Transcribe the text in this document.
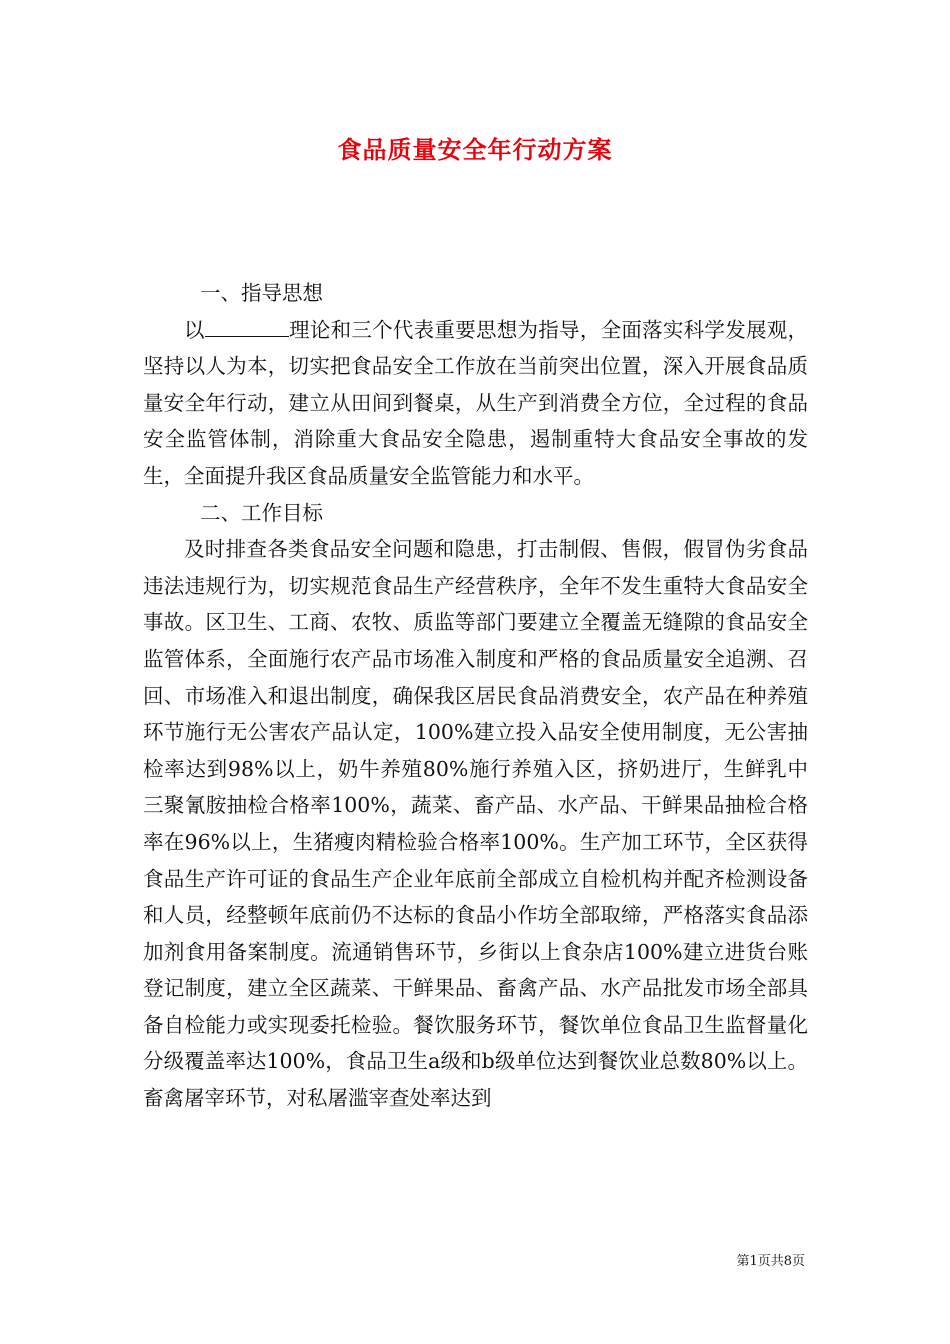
食品质量安全年行动方案

一、指导思想

以	理论和三个代表重要思想为指导，全面落实科学发展观，坚持以人为本，切实把食品安全工作放在当前突出位置，深入开展食品质量安全年行动，建立从田间到餐桌，从生产到消费全方位，全过程的食品安全监管体制，消除重大食品安全隐患，遏制重特大食品安全事故的发生，全面提升我区食品质量安全监管能力和水平。

二、工作目标

及时排查各类食品安全问题和隐患，打击制假、售假，假冒伪劣食品违法违规行为，切实规范食品生产经营秩序，全年不发生重特大食品安全事故。区卫生、工商、农牧、质监等部门要建立全覆盖无缝隙的食品安全监管体系，全面施行农产品市场准入制度和严格的食品质量安全追溯、召回、市场准入和退出制度，确保我区居民食品消费安全，农产品在种养殖环节施行无公害农产品认定，100%建立投入品安全使用制度，无公害抽检率达到98%以上，奶牛养殖80%施行养殖入区，挤奶进厅，生鲜乳中三聚氰胺抽检合格率100%，蔬菜、畜产品、水产品、干鲜果品抽检合格率在96%以上，生猪瘦肉精检验合格率100%。生产加工环节，全区获得食品生产许可证的食品生产企业年底前全部成立自检机构并配齐检测设备和人员，经整顿年底前仍不达标的食品小作坊全部取缔，严格落实食品添加剂食用备案制度。流通销售环节，乡街以上食杂店100%建立进货台账登记制度，建立全区蔬菜、干鲜果品、畜禽产品、水产品批发市场全部具备自检能力或实现委托检验。餐饮服务环节，餐饮单位食品卫生监督量化分级覆盖率达100%，食品卫生a级和b级单位达到餐饮业总数80%以上。畜禽屠宰环节，对私屠滥宰查处率达到

第1页共8页
